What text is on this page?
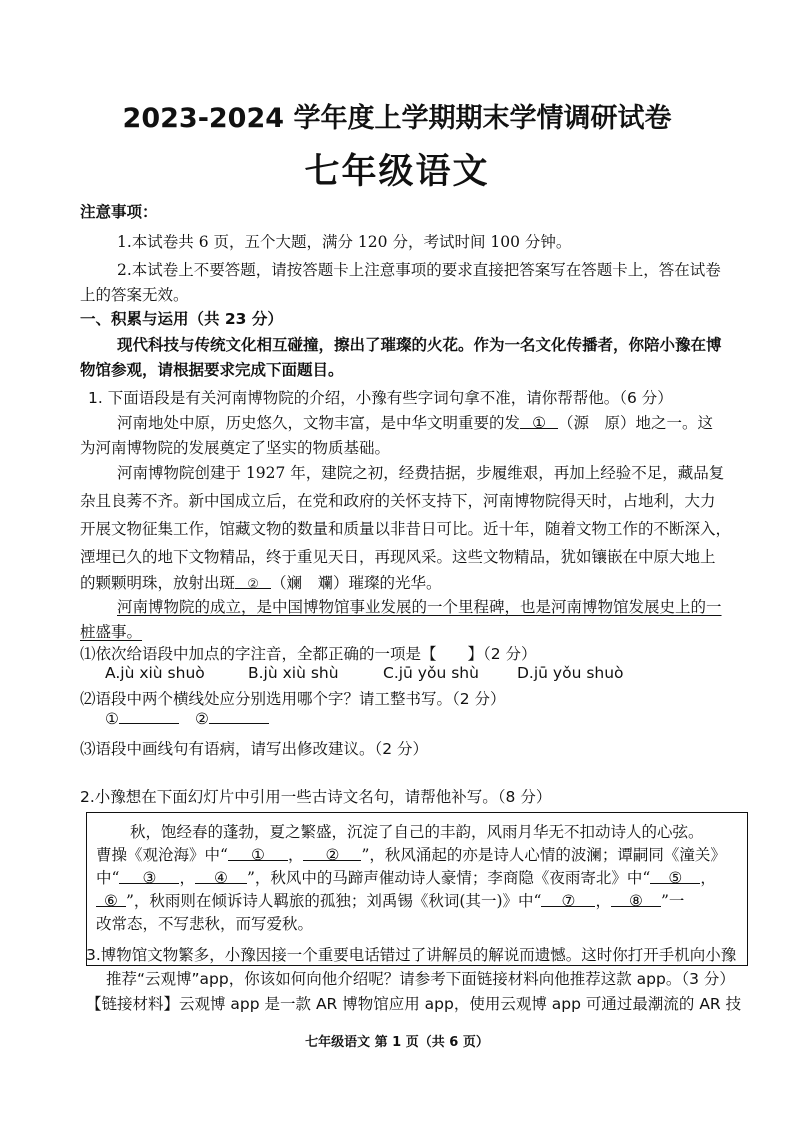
2023-2024 学年度上学期期末学情调研试卷
七年级语文
注意事项：
1.本试卷共 6 页，五个大题，满分 120 分，考试时间 100 分钟。
2.本试卷上不要答题，请按答题卡上注意事项的要求直接把答案写在答题卡上，答在试卷
上的答案无效。
一、积累与运用（共 23 分）
现代科技与传统文化相互碰撞，擦出了璀璨的火花。作为一名文化传播者，你陪小豫在博
物馆参观，请根据要求完成下面题目。
1. 下面语段是有关河南博物院的介绍，小豫有些字词句拿不准，请你帮帮他。（6 分）
河南地处中原，历史悠久，文物丰富，是中华文明重要的发 ① （源　原）地之一。这
为河南博物院的发展奠定了坚实的物质基础。
河南博物院创建于 1927 年，建院之初，经费拮据，步履维艰，再加上经验不足，藏品复
杂且良莠不齐。新中国成立后，在党和政府的关怀支持下，河南博物院得天时，占地利，大力
开展文物征集工作，馆藏文物的数量和质量以非昔日可比。近十年，随着文物工作的不断深入，
湮埋已久的地下文物精品，终于重见天日，再现风采。这些文物精品，犹如镶嵌在中原大地上
的颗颗明珠，放射出斑 ② （斓　斕）璀璨的光华。
河南博物院的成立，是中国博物馆事业发展的一个里程碑，也是河南博物馆发展史上的一
桩盛事。
⑴依次给语段中加点的字注音，全都正确的一项是【　　】（2 分）
A.jù xiù shuò	B.jù xiù shù	C.jū yǒu shù D.jū yǒu shuò
⑵语段中两个横线处应分别选用哪个字？请工整书写。（2 分）
①	②
⑶语段中画线句有语病，请写出修改建议。（2 分）
2.小豫想在下面幻灯片中引用一些古诗文名句，请帮他补写。（8 分）
秋，饱经春的蓬勃，夏之繁盛，沉淀了自己的丰韵，风雨月华无不扣动诗人的心弦。
曹操《观沧海》中“ ① ， ② ”，秋风涌起的亦是诗人心情的波澜；谭嗣同《潼关》
中“ ③ ， ④ ”，秋风中的马蹄声催动诗人豪情；李商隐《夜雨寄北》中“ ⑤ ，
⑥ ”，秋雨则在倾诉诗人羁旅的孤独；刘禹锡《秋词(其一)》中“ ⑦ ， ⑧ ”一
改常态，不写悲秋，而写爱秋。
3.博物馆文物繁多，小豫因接一个重要电话错过了讲解员的解说而遗憾。这时你打开手机向小豫
推荐“云观博”app，你该如何向他介绍呢？请参考下面链接材料向他推荐这款 app。（3 分）
【链接材料】云观博 app 是一款 AR 博物馆应用 app，使用云观博 app 可通过最潮流的 AR 技
七年级语文 第 1 页（共 6 页）
